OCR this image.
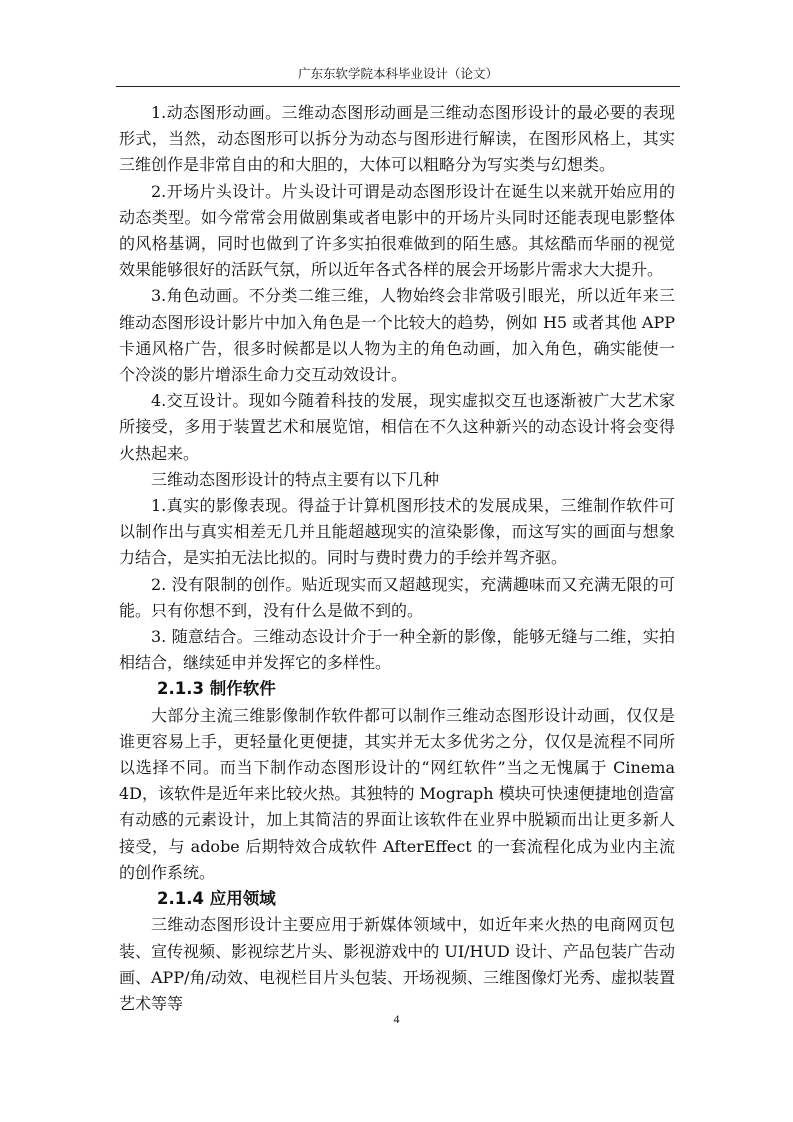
广东东软学院本科毕业设计（论文）

1.动态图形动画。三维动态图形动画是三维动态图形设计的最必要的表现形式，当然，动态图形可以拆分为动态与图形进行解读，在图形风格上，其实三维创作是非常自由的和大胆的，大体可以粗略分为写实类与幻想类。

2.开场片头设计。片头设计可谓是动态图形设计在诞生以来就开始应用的动态类型。如今常常会用做剧集或者电影中的开场片头同时还能表现电影整体的风格基调，同时也做到了许多实拍很难做到的陌生感。其炫酷而华丽的视觉效果能够很好的活跃气氛，所以近年各式各样的展会开场影片需求大大提升。

3.角色动画。不分类二维三维，人物始终会非常吸引眼光，所以近年来三维动态图形设计影片中加入角色是一个比较大的趋势，例如 H5 或者其他 APP 卡通风格广告，很多时候都是以人物为主的角色动画，加入角色，确实能使一个冷淡的影片增添生命力交互动效设计。

4.交互设计。现如今随着科技的发展，现实虚拟交互也逐渐被广大艺术家所接受，多用于装置艺术和展览馆，相信在不久这种新兴的动态设计将会变得火热起来。

三维动态图形设计的特点主要有以下几种

1.真实的影像表现。得益于计算机图形技术的发展成果，三维制作软件可以制作出与真实相差无几并且能超越现实的渲染影像，而这写实的画面与想象力结合，是实拍无法比拟的。同时与费时费力的手绘并驾齐驱。

2. 没有限制的创作。贴近现实而又超越现实，充满趣味而又充满无限的可能。只有你想不到，没有什么是做不到的。

3. 随意结合。三维动态设计介于一种全新的影像，能够无缝与二维，实拍相结合，继续延申并发挥它的多样性。

2.1.3 制作软件

大部分主流三维影像制作软件都可以制作三维动态图形设计动画，仅仅是谁更容易上手，更轻量化更便捷，其实并无太多优劣之分，仅仅是流程不同所以选择不同。而当下制作动态图形设计的“网红软件”当之无愧属于 Cinema 4D，该软件是近年来比较火热。其独特的 Mograph 模块可快速便捷地创造富有动感的元素设计，加上其简洁的界面让该软件在业界中脱颖而出让更多新人接受，与 adobe 后期特效合成软件 AfterEffect 的一套流程化成为业内主流的创作系统。

2.1.4 应用领域

三维动态图形设计主要应用于新媒体领域中，如近年来火热的电商网页包装、宣传视频、影视综艺片头、影视游戏中的 UI/HUD 设计、产品包装广告动画、APP/角/动效、电视栏目片头包装、开场视频、三维图像灯光秀、虚拟装置艺术等等

4
